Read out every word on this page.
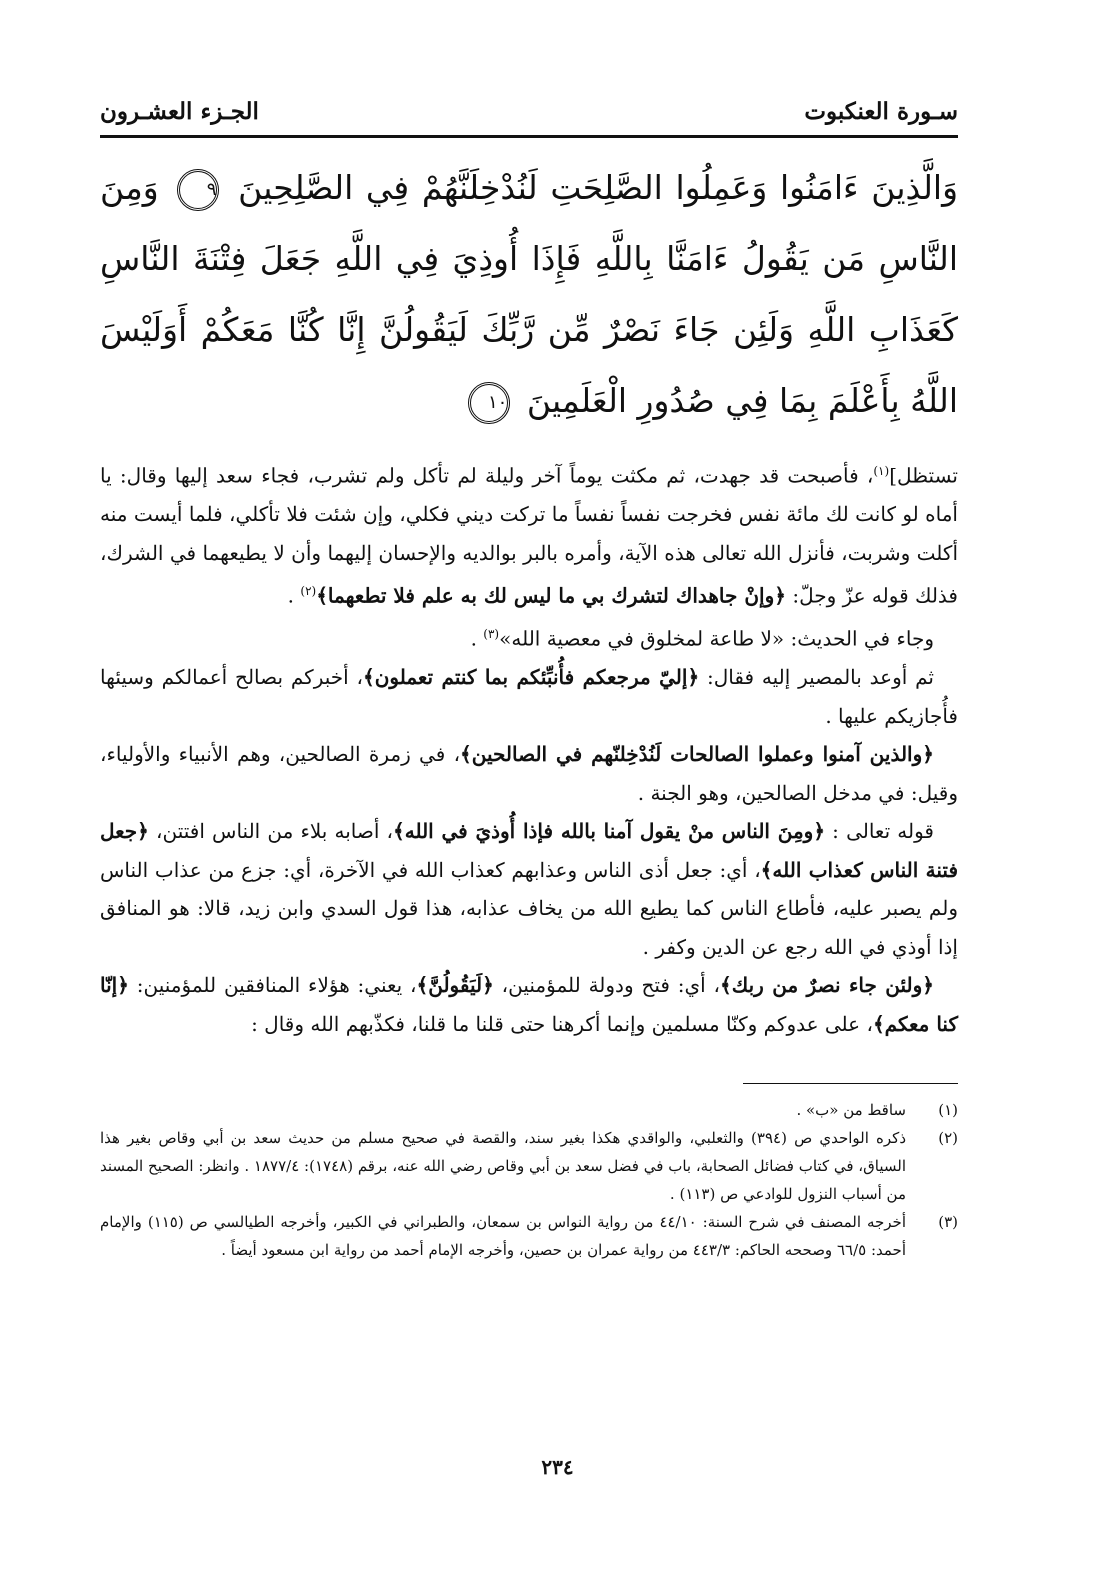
سـورة العنكبوت
الجـزء العشـرون
وَالَّذِينَ ءَامَنُوا وَعَمِلُوا الصَّلِحَتِ لَنُدْخِلَنَّهُمْ فِي الصَّلِحِينَ ٩ وَمِنَ النَّاسِ مَن يَقُولُ ءَامَنَّا بِاللَّهِ فَإِذَا أُوذِيَ فِي اللَّهِ جَعَلَ فِتْنَةَ النَّاسِ كَعَذَابِ اللَّهِ وَلَئِن جَاءَ نَصْرٌ مِّن رَّبِّكَ لَيَقُولُنَّ إِنَّا كُنَّا مَعَكُمْ أَوَلَيْسَ اللَّهُ بِأَعْلَمَ بِمَا فِي صُدُورِ الْعَلَمِينَ ١٠

تستظل]$^{(١)}$، فأصبحت قد جهدت، ثم مكثت يوماً آخر وليلة لم تأكل ولم تشرب، فجاء سعد إليها وقال: يا أماه لو كانت لك مائة نفس فخرجت نفساً نفساً ما تركت ديني فكلي، وإن شئت فلا تأكلي، فلما أيست منه أكلت وشربت، فأنزل الله تعالى هذه الآية، وأمره بالبر بوالديه والإحسان إليهما وأن لا يطيعهما في الشرك، فذلك قوله عزّ وجلّ: ﴿وإنْ جاهداك لتشرك بي ما ليس لك به علم فلا تطعهما﴾$^{(٢)}$ .

وجاء في الحديث: «لا طاعة لمخلوق في معصية الله»$^{(٣)}$ .

ثم أوعد بالمصير إليه فقال: ﴿إليّ مرجعكم فأُنبِّئكم بما كنتم تعملون﴾، أخبركم بصالح أعمالكم وسيئها فأُجازيكم عليها .

﴿والذين آمنوا وعملوا الصالحات لَنُدْخِلنّهم في الصالحين﴾، في زمرة الصالحين، وهم الأنبياء والأولياء، وقيل: في مدخل الصالحين، وهو الجنة .

قوله تعالى : ﴿ومِنَ الناس منْ يقول آمنا بالله فإذا أُوذيَ في الله﴾، أصابه بلاء من الناس افتتن، ﴿جعل فتنة الناس كعذاب الله﴾، أي: جعل أذى الناس وعذابهم كعذاب الله في الآخرة، أي: جزع من عذاب الناس ولم يصبر عليه، فأطاع الناس كما يطيع الله من يخاف عذابه، هذا قول السدي وابن زيد، قالا: هو المنافق إذا أوذي في الله رجع عن الدين وكفر .

﴿ولئن جاء نصرٌ من ربك﴾، أي: فتح ودولة للمؤمنين، ﴿لَيَقُولُنَّ﴾، يعني: هؤلاء المنافقين للمؤمنين: ﴿إنّا كنا معكم﴾، على عدوكم وكنّا مسلمين وإنما أكرهنا حتى قلنا ما قلنا، فكذّبهم الله وقال :

(١)
ساقط من «ب» .
(٢)
ذكره الواحدي ص (٣٩٤) والثعلبي، والواقدي هكذا بغير سند، والقصة في صحيح مسلم من حديث سعد بن أبي وقاص بغير هذا السياق، في كتاب فضائل الصحابة، باب في فضل سعد بن أبي وقاص رضي الله عنه، برقم (١٧٤٨): ١٨٧٧/٤ . وانظر: الصحيح المسند من أسباب النزول للوادعي ص (١١٣) .
(٣)
أخرجه المصنف في شرح السنة: ٤٤/١٠ من رواية النواس بن سمعان، والطبراني في الكبير، وأخرجه الطيالسي ص (١١٥) والإمام أحمد: ٦٦/٥ وصححه الحاكم: ٤٤٣/٣ من رواية عمران بن حصين، وأخرجه الإمام أحمد من رواية ابن مسعود أيضاً .
٢٣٤
